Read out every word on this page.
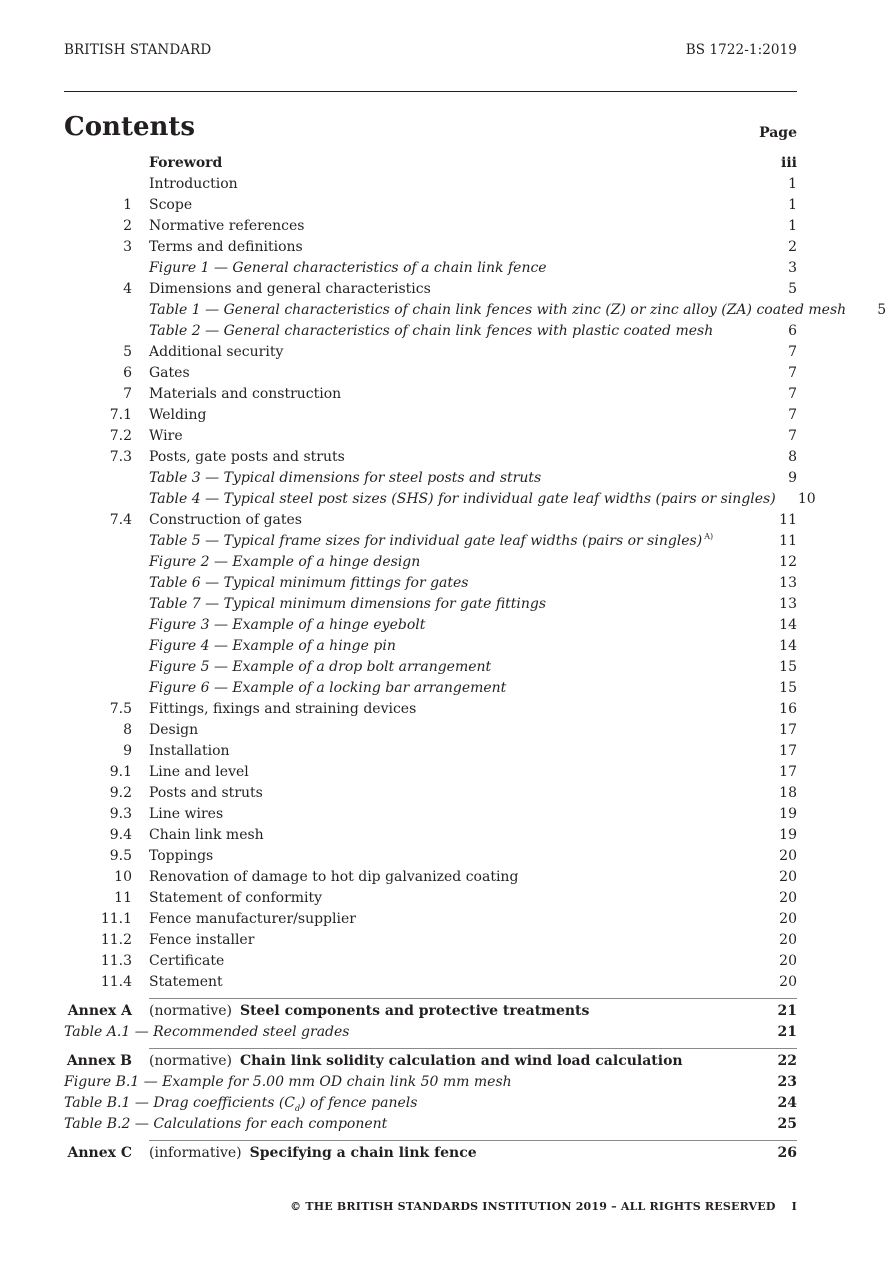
BRITISH STANDARD	BS 1722-1:2019
Contents	Page
Foreword	iii
Introduction	1
1 Scope	1
2 Normative references	1
3 Terms and definitions	2
Figure 1 — General characteristics of a chain link fence	3
4 Dimensions and general characteristics	5
Table 1 — General characteristics of chain link fences with zinc (Z) or zinc alloy (ZA) coated mesh	5
Table 2 — General characteristics of chain link fences with plastic coated mesh	6
5 Additional security	7
6 Gates	7
7 Materials and construction	7
7.1 Welding	7
7.2 Wire	7
7.3 Posts, gate posts and struts	8
Table 3 — Typical dimensions for steel posts and struts	9
Table 4 — Typical steel post sizes (SHS) for individual gate leaf widths (pairs or singles)	10
7.4 Construction of gates	11
Table 5 — Typical frame sizes for individual gate leaf widths (pairs or singles) $^{A)}$	11
Figure 2 — Example of a hinge design	12
Table 6 — Typical minimum fittings for gates	13
Table 7 — Typical minimum dimensions for gate fittings	13
Figure 3 — Example of a hinge eyebolt	14
Figure 4 — Example of a hinge pin	14
Figure 5 — Example of a drop bolt arrangement	15
Figure 6 — Example of a locking bar arrangement	15
7.5 Fittings, fixings and straining devices	16
8 Design	17
9 Installation	17
9.1 Line and level	17
9.2 Posts and struts	18
9.3 Line wires	19
9.4 Chain link mesh	19
9.5 Toppings	20
10 Renovation of damage to hot dip galvanized coating	20
11 Statement of conformity	20
11.1 Fence manufacturer/supplier	20
11.2 Fence installer	20
11.3 Certificate	20
11.4 Statement	20
Annex A (normative) Steel components and protective treatments	21
Table A.1 — Recommended steel grades	21
Annex B (normative) Chain link solidity calculation and wind load calculation	22
Figure B.1 — Example for 5.00 mm OD chain link 50 mm mesh	23
Table B.1 — Drag coefficients $(C_d)$ of fence panels	24
Table B.2 — Calculations for each component	25
Annex C (informative) Specifying a chain link fence	26
© THE BRITISH STANDARDS INSTITUTION 2019 – ALL RIGHTS RESERVED I
